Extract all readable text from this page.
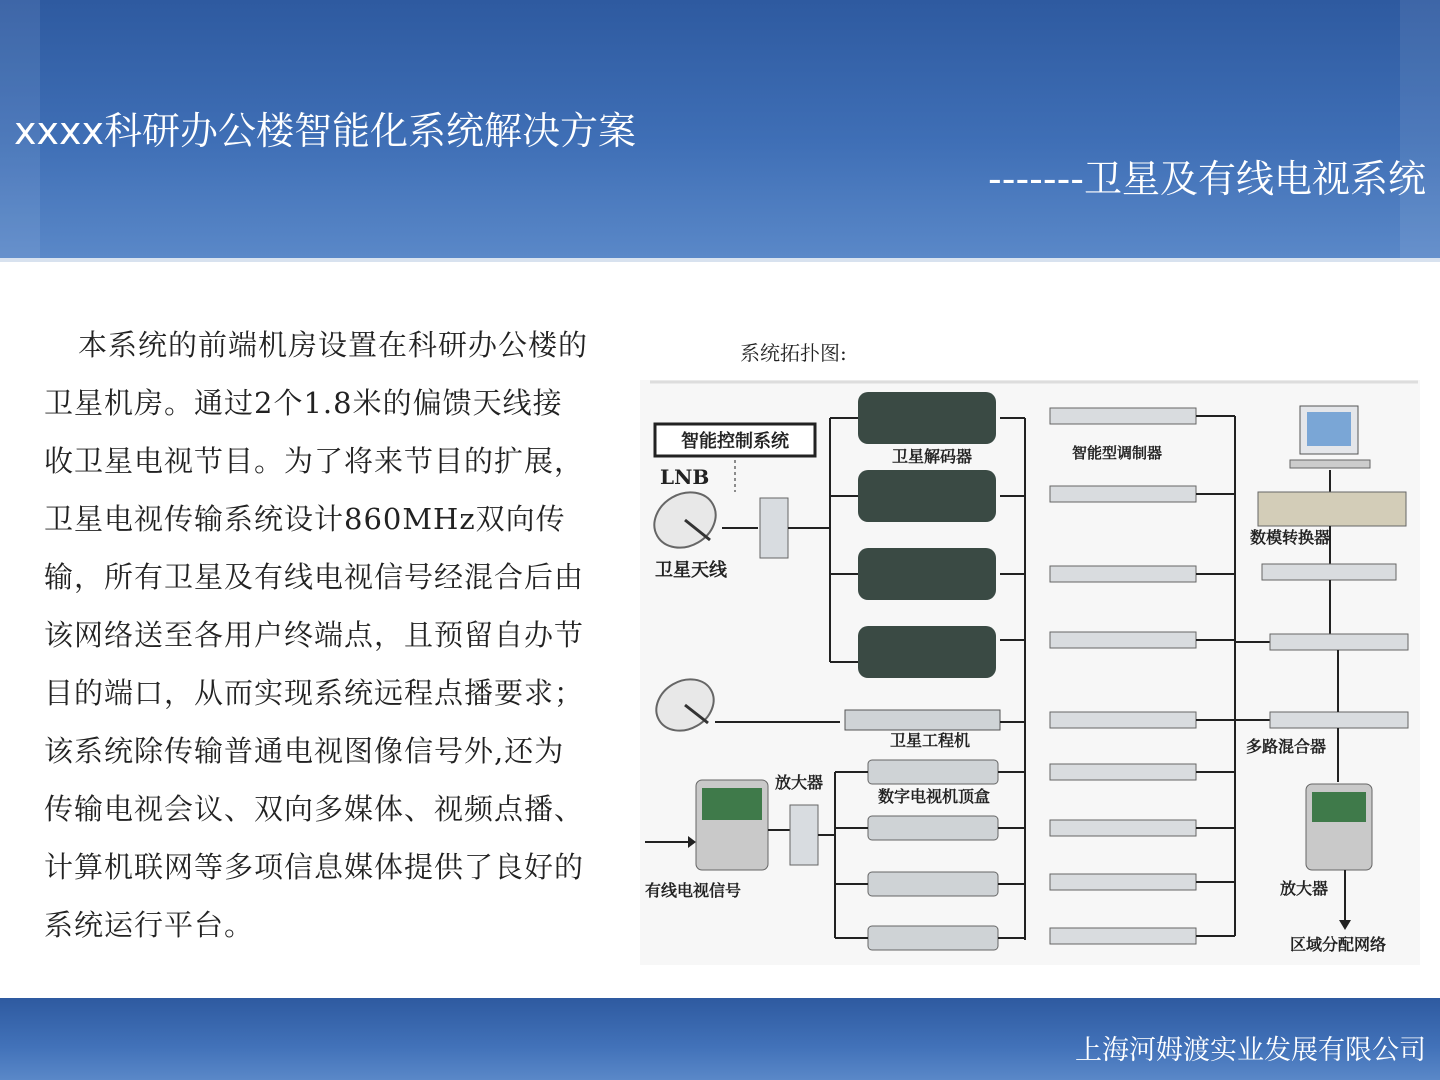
xxxx科研办公楼智能化系统解决方案
-------卫星及有线电视系统
本系统的前端机房设置在科研办公楼的卫星机房。通过2个1.8米的偏馈天线接收卫星电视节目。为了将来节目的扩展，卫星电视传输系统设计860MHz双向传输，所有卫星及有线电视信号经混合后由该网络送至各用户终端点，且预留自办节目的端口，从而实现系统远程点播要求；该系统除传输普通电视图像信号外,还为传输电视会议、双向多媒体、视频点播、计算机联网等多项信息媒体提供了良好的系统运行平台。
系统拓扑图:
智能控制系统
LNB
卫星天线
卫星解码器
卫星工程机
有线电视信号
放大器
数字电视机顶盒
智能型调制器
数模转换器
多路混合器
放大器
区域分配网络
上海河姆渡实业发展有限公司
